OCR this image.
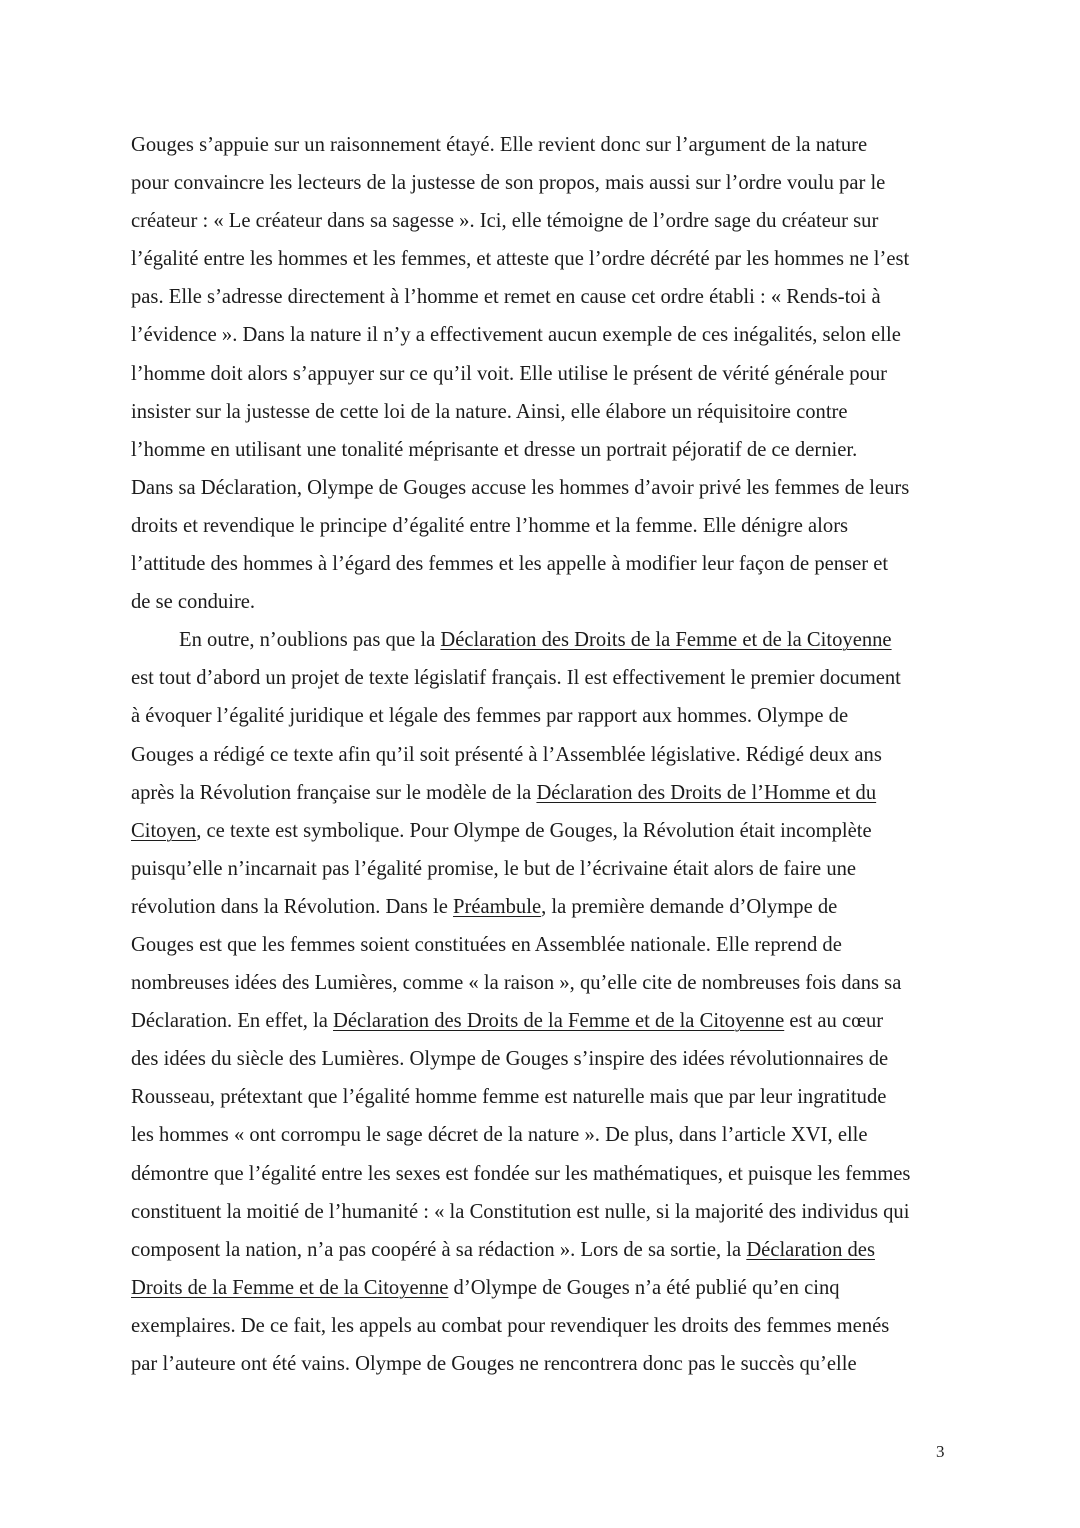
Gouges s’appuie sur un raisonnement étayé. Elle revient donc sur l’argument de la nature
pour convaincre les lecteurs de la justesse de son propos, mais aussi sur l’ordre voulu par le
créateur : « Le créateur dans sa sagesse ». Ici, elle témoigne de l’ordre sage du créateur sur
l’égalité entre les hommes et les femmes, et atteste que l’ordre décrété par les hommes ne l’est
pas. Elle s’adresse directement à l’homme et remet en cause cet ordre établi : « Rends-toi à
l’évidence ». Dans la nature il n’y a effectivement aucun exemple de ces inégalités, selon elle
l’homme doit alors s’appuyer sur ce qu’il voit. Elle utilise le présent de vérité générale pour
insister sur la justesse de cette loi de la nature. Ainsi, elle élabore un réquisitoire contre
l’homme en utilisant une tonalité méprisante et dresse un portrait péjoratif de ce dernier.
Dans sa Déclaration, Olympe de Gouges accuse les hommes d’avoir privé les femmes de leurs
droits et revendique le principe d’égalité entre l’homme et la femme. Elle dénigre alors
l’attitude des hommes à l’égard des femmes et les appelle à modifier leur façon de penser et
de se conduire.
En outre, n’oublions pas que la Déclaration des Droits de la Femme et de la Citoyenne
est tout d’abord un projet de texte législatif français. Il est effectivement le premier document
à évoquer l’égalité juridique et légale des femmes par rapport aux hommes. Olympe de
Gouges a rédigé ce texte afin qu’il soit présenté à l’Assemblée législative. Rédigé deux ans
après la Révolution française sur le modèle de la Déclaration des Droits de l’Homme et du
Citoyen, ce texte est symbolique. Pour Olympe de Gouges, la Révolution était incomplète
puisqu’elle n’incarnait pas l’égalité promise, le but de l’écrivaine était alors de faire une
révolution dans la Révolution. Dans le Préambule, la première demande d’Olympe de
Gouges est que les femmes soient constituées en Assemblée nationale. Elle reprend de
nombreuses idées des Lumières, comme « la raison », qu’elle cite de nombreuses fois dans sa
Déclaration. En effet, la Déclaration des Droits de la Femme et de la Citoyenne est au cœur
des idées du siècle des Lumières. Olympe de Gouges s’inspire des idées révolutionnaires de
Rousseau, prétextant que l’égalité homme femme est naturelle mais que par leur ingratitude
les hommes « ont corrompu le sage décret de la nature ». De plus, dans l’article XVI, elle
démontre que l’égalité entre les sexes est fondée sur les mathématiques, et puisque les femmes
constituent la moitié de l’humanité : « la Constitution est nulle, si la majorité des individus qui
composent la nation, n’a pas coopéré à sa rédaction ». Lors de sa sortie, la Déclaration des
Droits de la Femme et de la Citoyenne d’Olympe de Gouges n’a été publié qu’en cinq
exemplaires. De ce fait, les appels au combat pour revendiquer les droits des femmes menés
par l’auteure ont été vains. Olympe de Gouges ne rencontrera donc pas le succès qu’elle
3
